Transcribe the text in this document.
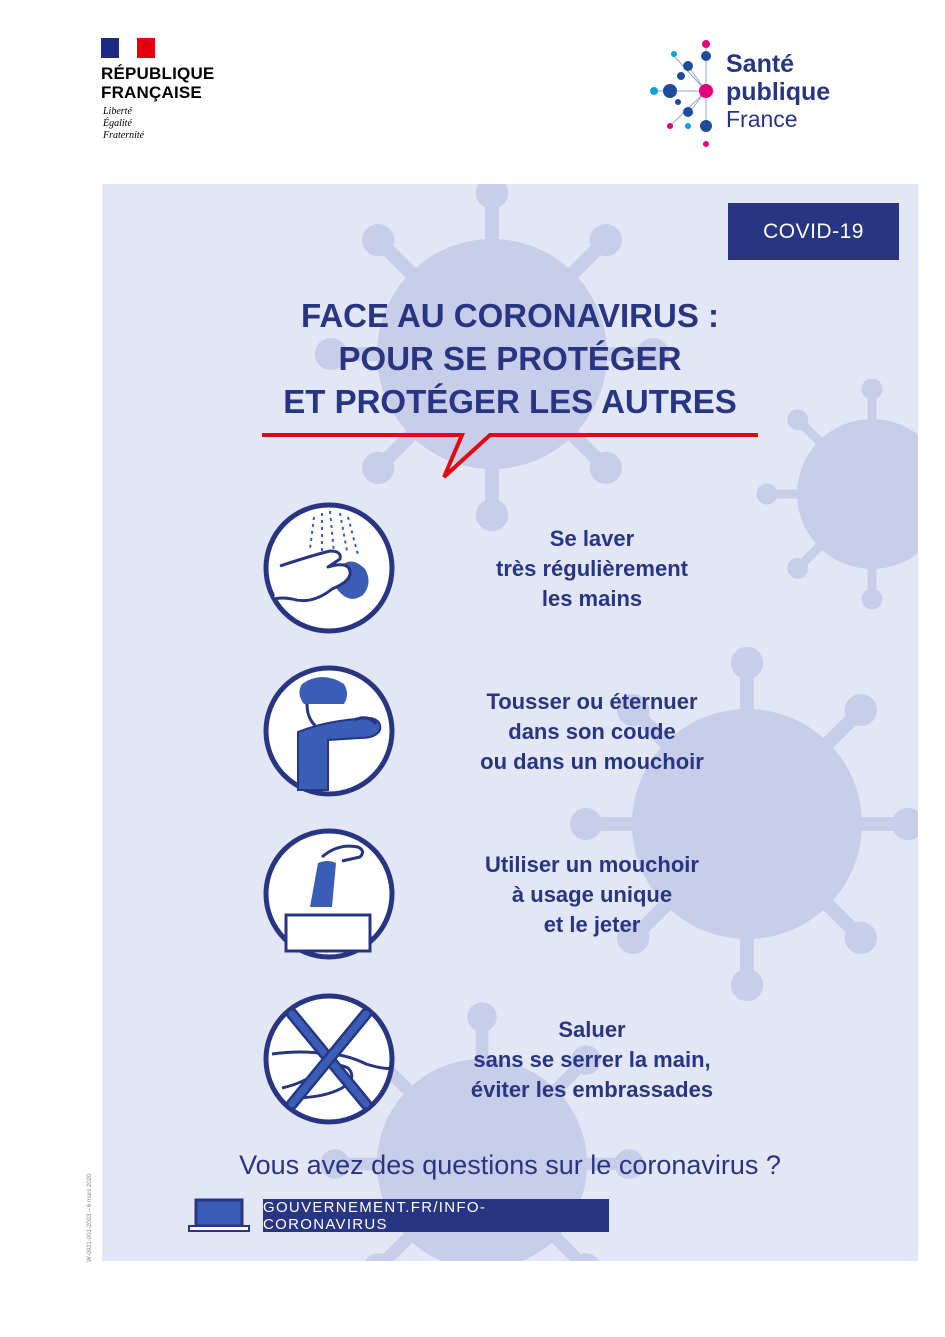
RÉPUBLIQUE
FRANÇAISE
Liberté
Égalité
Fraternité
Santé
publique
France
COVID-19
FACE AU CORONAVIRUS :
POUR SE PROTÉGER
ET PROTÉGER LES AUTRES
Se laver
très régulièrement
les mains
Tousser ou éternuer
dans son coude
ou dans un mouchoir
Utiliser un mouchoir
à usage unique
et le jeter
Saluer
sans se serrer la main,
éviter les embrassades
Vous avez des questions sur le coronavirus ?
GOUVERNEMENT.FR/INFO-CORONAVIRUS
W-0921-001-2003 – 6 mars 2020
